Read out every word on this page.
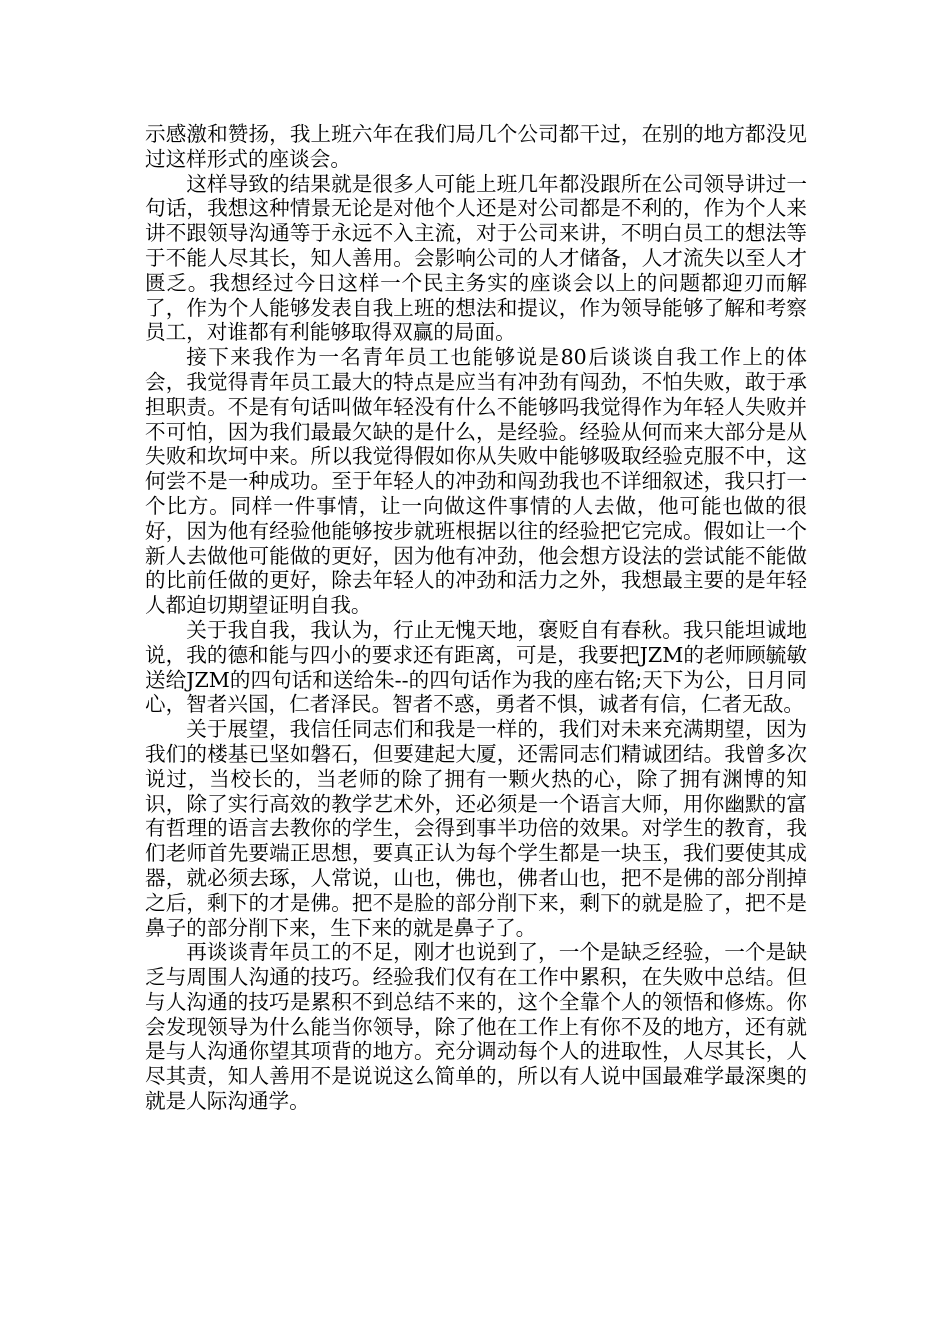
示感激和赞扬，我上班六年在我们局几个公司都干过，在别的地方都没见过这样形式的座谈会。

这样导致的结果就是很多人可能上班几年都没跟所在公司领导讲过一句话，我想这种情景无论是对他个人还是对公司都是不利的，作为个人来讲不跟领导沟通等于永远不入主流，对于公司来讲，不明白员工的想法等于不能人尽其长，知人善用。会影响公司的人才储备，人才流失以至人才匮乏。我想经过今日这样一个民主务实的座谈会以上的问题都迎刃而解了，作为个人能够发表自我上班的想法和提议，作为领导能够了解和考察员工，对谁都有利能够取得双赢的局面。

接下来我作为一名青年员工也能够说是80后谈谈自我工作上的体会，我觉得青年员工最大的特点是应当有冲劲有闯劲，不怕失败，敢于承担职责。不是有句话叫做年轻没有什么不能够吗我觉得作为年轻人失败并不可怕，因为我们最最欠缺的是什么，是经验。经验从何而来大部分是从失败和坎坷中来。所以我觉得假如你从失败中能够吸取经验克服不中，这何尝不是一种成功。至于年轻人的冲劲和闯劲我也不详细叙述，我只打一个比方。同样一件事情，让一向做这件事情的人去做，他可能也做的很好，因为他有经验他能够按步就班根据以往的经验把它完成。假如让一个新人去做他可能做的更好，因为他有冲劲，他会想方设法的尝试能不能做的比前任做的更好，除去年轻人的冲劲和活力之外，我想最主要的是年轻人都迫切期望证明自我。

关于我自我，我认为，行止无愧天地，褒贬自有春秋。我只能坦诚地说，我的德和能与四小的要求还有距离，可是，我要把JZM的老师顾毓敏送给JZM的四句话和送给朱--的四句话作为我的座右铭;天下为公，日月同心，智者兴国，仁者泽民。智者不惑，勇者不惧，诚者有信，仁者无敌。

关于展望，我信任同志们和我是一样的，我们对未来充满期望，因为我们的楼基已坚如磐石，但要建起大厦，还需同志们精诚团结。我曾多次说过，当校长的，当老师的除了拥有一颗火热的心，除了拥有渊博的知识，除了实行高效的教学艺术外，还必须是一个语言大师，用你幽默的富有哲理的语言去教你的学生，会得到事半功倍的效果。对学生的教育，我们老师首先要端正思想，要真正认为每个学生都是一块玉，我们要使其成器，就必须去琢，人常说，山也，佛也，佛者山也，把不是佛的部分削掉之后，剩下的才是佛。把不是脸的部分削下来，剩下的就是脸了，把不是鼻子的部分削下来，生下来的就是鼻子了。

再谈谈青年员工的不足，刚才也说到了，一个是缺乏经验，一个是缺乏与周围人沟通的技巧。经验我们仅有在工作中累积，在失败中总结。但与人沟通的技巧是累积不到总结不来的，这个全靠个人的领悟和修炼。你会发现领导为什么能当你领导，除了他在工作上有你不及的地方，还有就是与人沟通你望其项背的地方。充分调动每个人的进取性，人尽其长，人尽其责，知人善用不是说说这么简单的，所以有人说中国最难学最深奥的就是人际沟通学。
